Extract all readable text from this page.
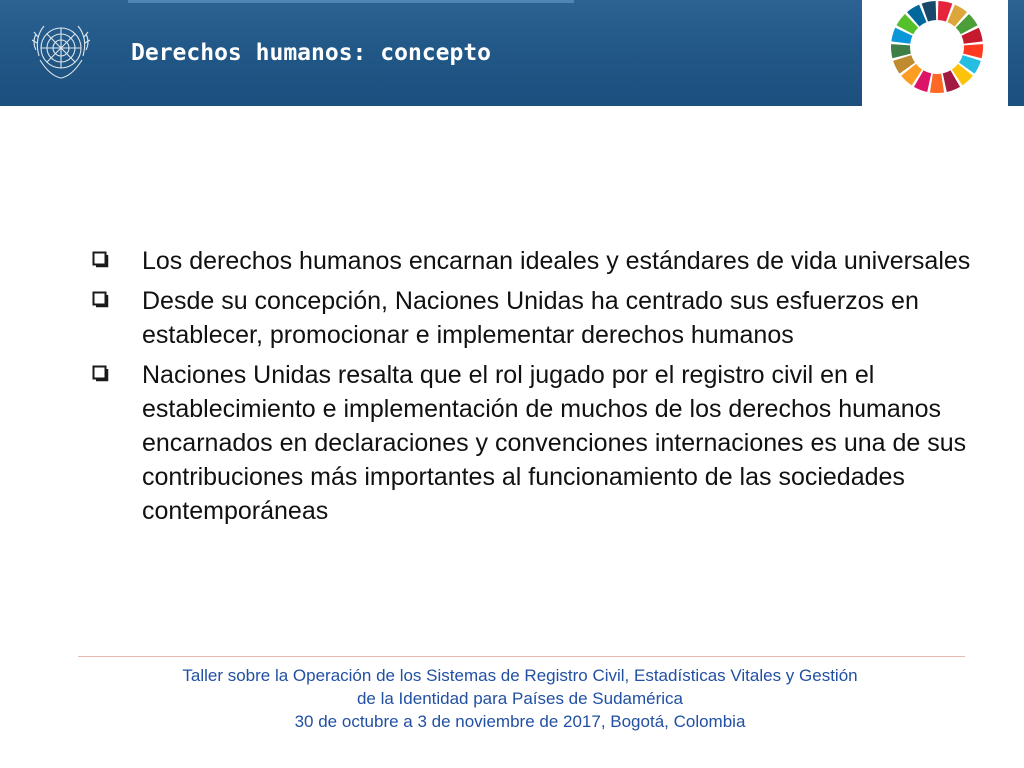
Derechos humanos: concepto
Los derechos humanos encarnan ideales y estándares de vida universales
Desde su concepción, Naciones Unidas ha centrado sus esfuerzos en establecer, promocionar e implementar derechos humanos
Naciones Unidas resalta que el rol jugado por el registro civil en el establecimiento e implementación de muchos de los derechos humanos encarnados en declaraciones y convenciones internaciones es una de sus contribuciones más importantes al funcionamiento de las sociedades contemporáneas
Taller sobre la Operación de los Sistemas de Registro Civil, Estadísticas Vitales y Gestión
de la Identidad para Países de Sudamérica
30 de octubre a 3 de noviembre de 2017, Bogotá, Colombia
